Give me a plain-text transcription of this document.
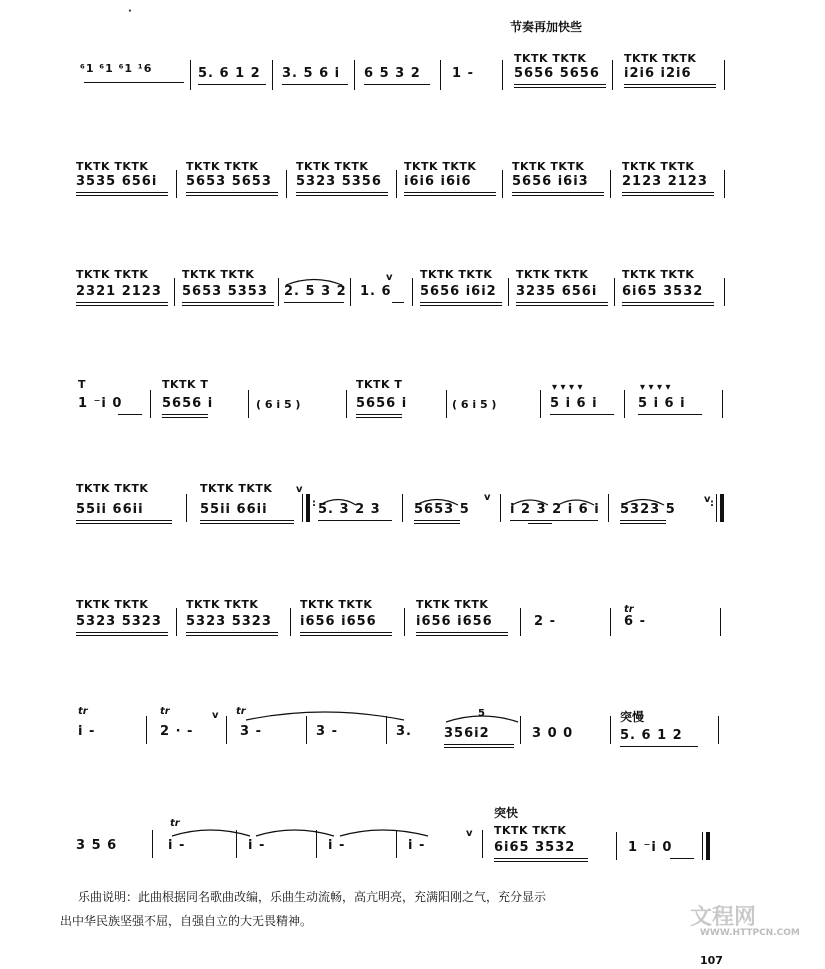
节奏再加快些
·
⁶1 ⁶1 ⁶1 ¹6	5. 6 1 2 3. 5 6 i 6 5 3 2 1 -
TKTK TKTK
5656 5656
TKTK TKTK
i2i6 i2i6
TKTK TKTK
3535 656i
TKTK TKTK
5653 5653
TKTK TKTK
5323 5356
TKTK TKTK
i6i6 i6i6
TKTK TKTK
5656 i6i3
TKTK TKTK
2123 2123
TKTK TKTK
2321 2123
TKTK TKTK
5653 5353 2. 5 3 2 1. 6
v TKTK TKTK
5656 i6i2
TKTK TKTK
3235 656i
TKTK TKTK
6i65 3532
T
1 ⁻i 0
TKTK T
5656 i	( 6 i 5 )
TKTK T
5656 i	( 6 i 5 )
▾ ▾ ▾ ▾
5 i 6 i
▾ ▾ ▾ ▾
5 i 6 i
TKTK TKTK
55ii 66ii
TKTK TKTK v
55ii 66ii	: 5. 3 2 3	5653 5
v
i 2 3 2 i 6 i 5323 5
v :
TKTK TKTK
5323 5323
TKTK TKTK
5323 5323
TKTK TKTK
i656 i656
TKTK TKTK
i656 i656	2 -
tr
6 -
tr
i -
tr
2 · -
v tr
3 -	3 -	3.
5
356i2	3 0 0
突慢
5. 6 1 2
3 5 6
tr
i -	i -	i -	i -
v
突快
TKTK TKTK
6i65 3532	1 ⁻i 0
乐曲说明：此曲根据同名歌曲改编，乐曲生动流畅，高亢明亮，充满阳刚之气，充分显示
出中华民族坚强不屈，自强自立的大无畏精神。	文程网
WWW.HTTPCN.COM
107
